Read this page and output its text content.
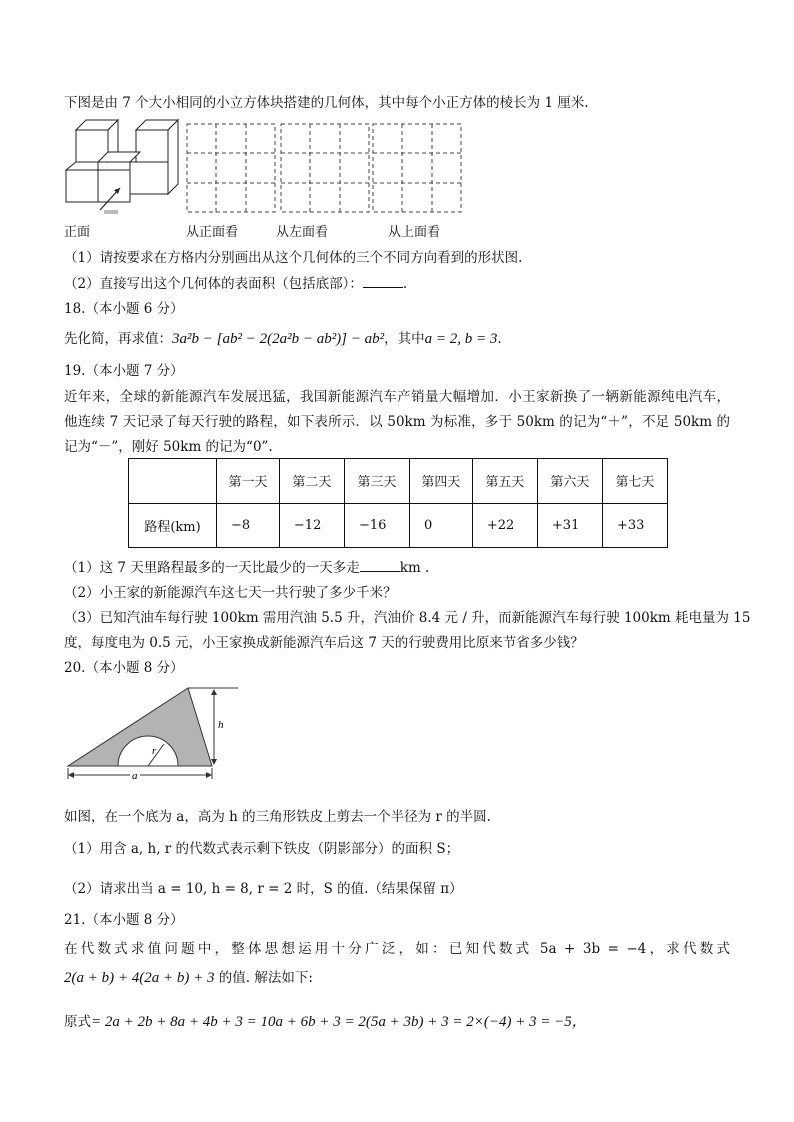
下图是由 7 个大小相同的小立方体块搭建的几何体，其中每个小正方体的棱长为 1 厘米.
正面	从正面看	从左面看	从上面看
（1）请按要求在方格内分别画出从这个几何体的三个不同方向看到的形状图.
（2）直接写出这个几何体的表面积（包括底部）：	.
18.（本小题 6 分）
先化简，再求值：3a²b − [ab² − 2(2a²b − ab²)] − ab²，其中a = 2, b = 3.
19.（本小题 7 分）
近年来，全球的新能源汽车发展迅猛，我国新能源汽车产销量大幅增加．小王家新换了一辆新能源纯电汽车，
他连续 7 天记录了每天行驶的路程，如下表所示．以 50km 为标准，多于 50km 的记为“＋”，不足 50km 的
记为“－”，刚好 50km 的记为“0”.
	第一天	第二天	第三天	第四天	第五天	第六天	第七天
路程(km)	−8	−12	−16	0	+22	+31	+33
（1）这 7 天里路程最多的一天比最少的一天多走	km .
（2）小王家的新能源汽车这七天一共行驶了多少千米？
（3）已知汽油车每行驶 100km 需用汽油 5.5 升，汽油价 8.4 元 / 升，而新能源汽车每行驶 100km 耗电量为 15
度，每度电为 0.5 元，小王家换成新能源汽车后这 7 天的行驶费用比原来节省多少钱？
20.（本小题 8 分）
r
h
a
如图，在一个底为 a，高为 h 的三角形铁皮上剪去一个半径为 r 的半圆.
（1）用含 a, h, r 的代数式表示剩下铁皮（阴影部分）的面积 S；
（2）请求出当 a = 10, h = 8, r = 2 时，S 的值.（结果保留 π）
21.（本小题 8 分）
在代数式求值问题中，整体思想运用十分广泛，如：已知代数式 5a + 3b = −4，求代数式
2(a + b) + 4(2a + b) + 3 的值. 解法如下:
原式= 2a + 2b + 8a + 4b + 3 = 10a + 6b + 3 = 2(5a + 3b) + 3 = 2×(−4) + 3 = −5，
